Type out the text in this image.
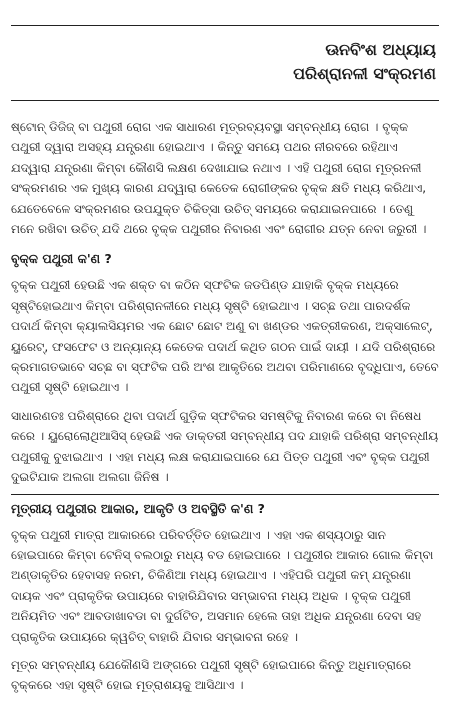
ଊନବିଂଶ ଅଧ୍ୟାୟ
ପରିଶ୍ରାନଳୀ ସଂକ୍ରମଣ

ଷ୍ଟୋନ୍ ଡିଜିଜ୍ ବା ପଥୁରୀ ରୋଗ ଏକ ସାଧାରଣ ମୂତ୍ରବ୍ୟବସ୍ଥା ସମ୍ବନ୍ଧୀୟ ରୋଗ । ବୃକ୍କ ପଥୁରୀ ଦ୍ୱାରା ଅସହ୍ୟ ଯନ୍ତ୍ରଣା ହୋଇଥାଏ । କିନ୍ତୁ ସମୟେ ପଥର ନୀରବରେ ରହିଥାଏ ଯଦ୍ୱାରା ଯନ୍ତ୍ରଣା କିମ୍ବା କୌଣସି ଲକ୍ଷଣ ଦେଖାଯାଇ ନଥାଏ । ଏହି ପଥୁରୀ ରୋଗ ମୂତ୍ରନଳୀ ସଂକ୍ରମଣର ଏକ ମୁଖ୍ୟ କାରଣ ଯଦ୍ୱାରା କେତେକ ରୋଗୀଙ୍କର ବୃକ୍କ କ୍ଷତି ମଧ୍ୟ କରିଥାଏ, ଯେତେବେଳେ ସଂକ୍ରମଣର ଉପଯୁକ୍ତ ଚିକିତ୍ସା ଉଚିତ୍ ସମୟରେ କରାଯାଇନପାରେ । ତେଣୁ ମନେ ରଖିବା ଉଚିତ୍ ଯଦି ଥରେ ବୃକ୍କ ପଥୁରୀର ନିବାରଣ ଏବଂ ରୋଗୀର ଯତ୍ନ ନେବା ଜରୁରୀ ।

ବୃକ୍କ ପଥୁରୀ କ'ଣ ?

ବୃକ୍କ ପଥୁରୀ ହେଉଛି ଏକ ଶକ୍ତ ବା କଠିନ ସ୍ଫଟିକ ଜଡପିଣ୍ଡ ଯାହାକି ବୃକ୍କ ମଧ୍ୟରେ ସୃଷ୍ଟିହୋଇଥାଏ କିମ୍ବା ପରିଶ୍ରାନଳୀରେ ମଧ୍ୟ ସୃଷ୍ଟି ହୋଇଥାଏ । ସଚ୍ଛ ତଥା ପାରଦର୍ଶକ ପଦାର୍ଥ କିମ୍ବା କ୍ୟାଲସିୟମର ଏକ ଛୋଟ ଛୋଟ ଅଣୁ ବା ଖଣ୍ଡର ଏକତ୍ରୀକରଣ, ଅକ୍ସାଲେଟ୍, ୟୁରେଟ୍, ଫସଫେଟ ଓ ଅନ୍ୟାନ୍ୟ କେତେକ ପଦାର୍ଥ କଥିତ ଗଠନ ପାଇଁ ଦାୟୀ । ଯଦି ପରିଶ୍ରାରେ କ୍ରମାଗତଭାବେ ସଚ୍ଛ ବା ସ୍ଫଟିକ ପରି ଅଂଶ ଆକୃତିରେ ଅଥବା ପରିମାଣରେ ବୃଦ୍ଧିପାଏ, ତେବେ ପଥୁରୀ ସୃଷ୍ଟି ହୋଇଥାଏ ।

ସାଧାରଣତଃ ପରିଶ୍ରାରେ ଥିବା ପଦାର୍ଥ ଗୁଡ଼ିକ ସ୍ଫଟିକର ସମଷ୍ଟିକୁ ନିବାରଣ କରେ ବା ନିଷେଧ କରେ । ୟୁରୋଲୋଥିଆସିସ୍ ହେଉଛି ଏକ ଡାକ୍ତରୀ ସମ୍ବନ୍ଧୀୟ ପଦ ଯାହାକି ପରିଶ୍ରା ସମ୍ବନ୍ଧୀୟ ପଥୁରୀକୁ ବୁଝାଇଥାଏ । ଏହା ମଧ୍ୟ ଲକ୍ଷ କରାଯାଇପାରେ ଯେ ପିତ୍ତ ପଥୁରୀ ଏବଂ ବୃକ୍କ ପଥୁରୀ ଦୁଇଟିଯାକ ଅଲଗା ଅଲଗା ଜିନିଷ ।

ମୂତ୍ରୀୟ ପଥୁରୀର ଆକାର, ଆକୃତି ଓ ଅବସ୍ଥିତି କ'ଣ ?

ବୃକ୍କ ପଥୁରୀ ମାତ୍ରା ଆକାରରେ ପରିବର୍ତ୍ତିତ ହୋଇଥାଏ । ଏହା ଏକ ଶସ୍ୟଠାରୁ ସାନ ହୋଇପାରେ କିମ୍ବା ଟେନିସ୍ ବଲଠାରୁ ମଧ୍ୟ ବଡ ହୋଇପାରେ । ପଥୁରୀର ଆକାର ଗୋଲ କିମ୍ବା ଅଣ୍ଡାକୃତିର ହେବାସହ ନରମ, ଚିକିଣିଆ ମଧ୍ୟ ହୋଇଥାଏ । ଏହିପରି ପଥୁରୀ କମ୍ ଯନ୍ତ୍ରଣା ଦାୟକ ଏବଂ ପ୍ରାକୃତିକ ଉପାୟରେ ବାହାରିଯିବାର ସମ୍ଭାବନା ମଧ୍ୟ ଅଧିକ । ବୃକ୍କ ପଥୁରୀ ଅନିୟମିତ ଏବଂ ଆବଡାଖାବଡା ବା ଦୁର୍ଗଟିତ, ଅସମାନ ହେଲେ ତାହା ଅଧିକ ଯନ୍ତ୍ରଣା ଦେବା ସହ ପ୍ରାକୃତିକ ଉପାୟରେ କ୍ୱଚିତ୍ ବାହାରି ଯିବାର ସମ୍ଭାବନା ରହେ ।

ମୂତ୍ର ସମ୍ବନ୍ଧୀୟ ଯେକୌଣସି ଅଙ୍ଗରେ ପଥୁରୀ ସୃଷ୍ଟି ହୋଇପାରେ କିନ୍ତୁ ଅଧିମାତ୍ରାରେ ବୃକ୍କରେ ଏହା ସୃଷ୍ଟି ହୋଇ ମୂତ୍ରାଶୟକୁ ଆସିଥାଏ ।
